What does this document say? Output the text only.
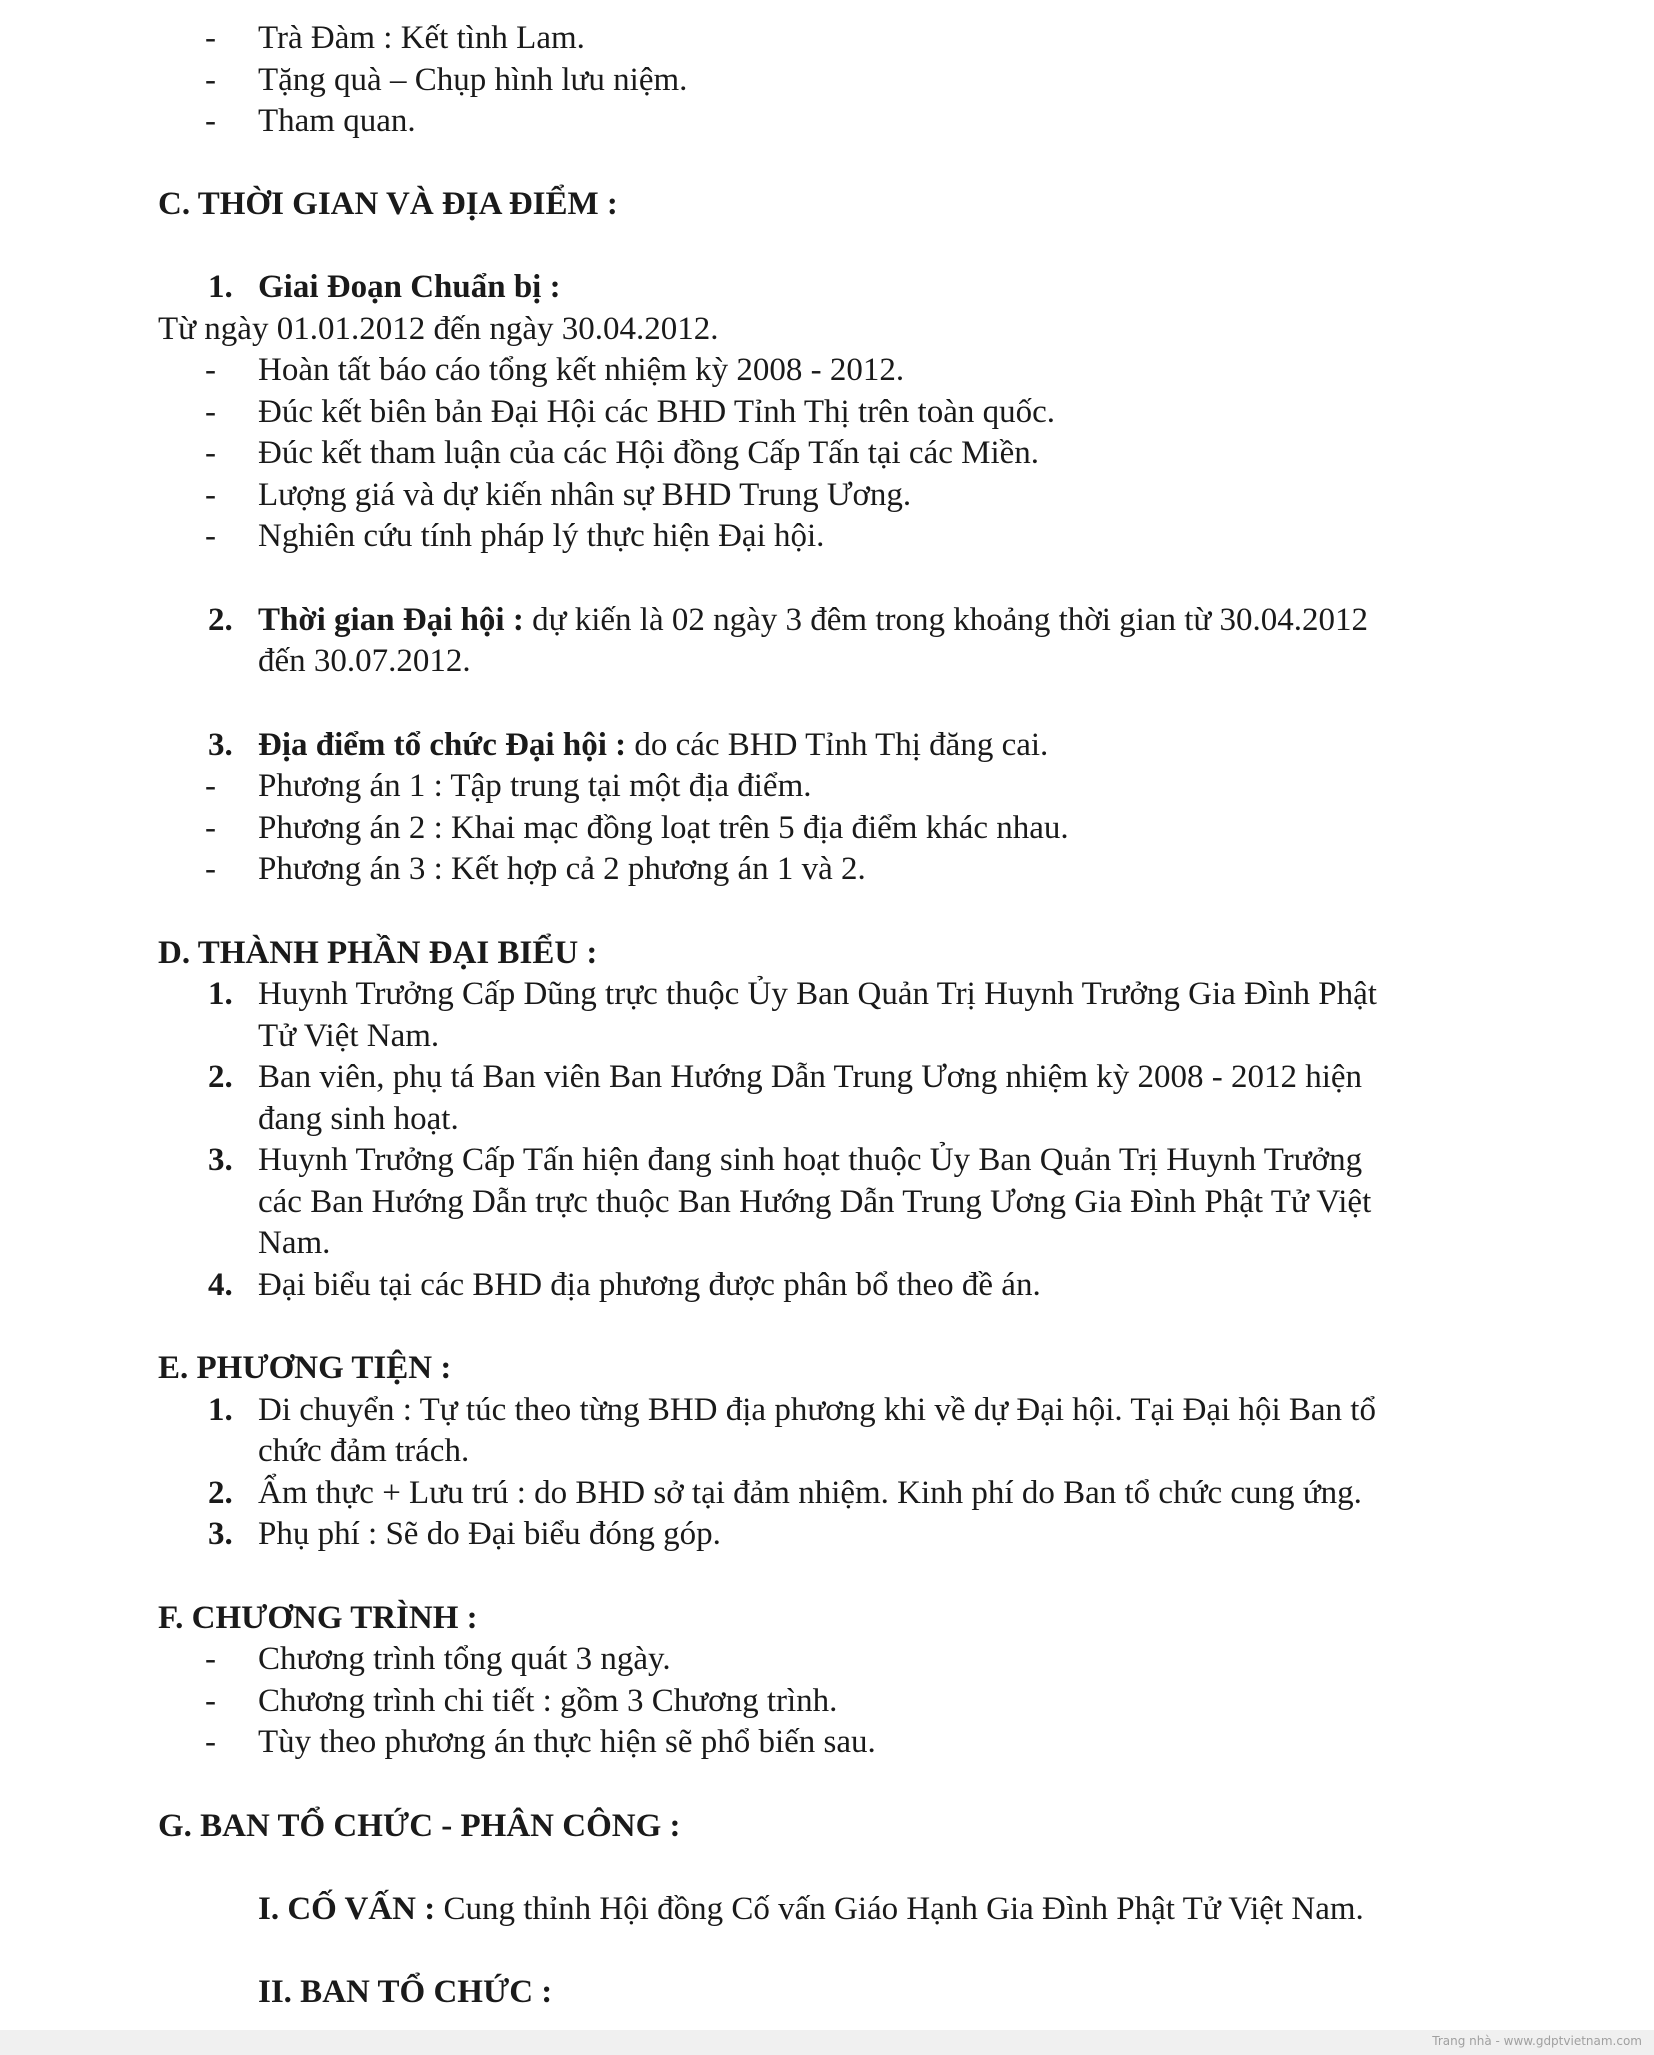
-	Trà Đàm : Kết tình Lam.
-	Tặng quà – Chụp hình lưu niệm.
-	Tham quan.
C. THỜI GIAN VÀ ĐỊA ĐIỂM :
1. Giai Đoạn Chuẩn bị :
Từ ngày 01.01.2012 đến ngày 30.04.2012.
-	Hoàn tất báo cáo tổng kết nhiệm kỳ 2008 - 2012.
-	Đúc kết biên bản Đại Hội các BHD Tỉnh Thị trên toàn quốc.
-	Đúc kết tham luận của các Hội đồng Cấp Tấn tại các Miền.
-	Lượng giá và dự kiến nhân sự BHD Trung Ương.
-	Nghiên cứu tính pháp lý thực hiện Đại hội.
2. Thời gian Đại hội : dự kiến là 02 ngày 3 đêm trong khoảng thời gian từ 30.04.2012
đến 30.07.2012.
3. Địa điểm tổ chức Đại hội : do các BHD Tỉnh Thị đăng cai.
-	Phương án 1 : Tập trung tại một địa điểm.
-	Phương án 2 : Khai mạc đồng loạt trên 5 địa điểm khác nhau.
-	Phương án 3 : Kết hợp cả 2 phương án 1 và 2.
D. THÀNH PHẦN ĐẠI BIỂU :
1. Huynh Trưởng Cấp Dũng trực thuộc Ủy Ban Quản Trị Huynh Trưởng Gia Đình Phật
Tử Việt Nam.
2. Ban viên, phụ tá Ban viên Ban Hướng Dẫn Trung Ương nhiệm kỳ 2008 - 2012 hiện
đang sinh hoạt.
3. Huynh Trưởng Cấp Tấn hiện đang sinh hoạt thuộc Ủy Ban Quản Trị Huynh Trưởng
các Ban Hướng Dẫn trực thuộc Ban Hướng Dẫn Trung Ương Gia Đình Phật Tử Việt
Nam.
4. Đại biểu tại các BHD địa phương được phân bổ theo đề án.
E. PHƯƠNG TIỆN :
1. Di chuyển : Tự túc theo từng BHD địa phương khi về dự Đại hội. Tại Đại hội Ban tổ
chức đảm trách.
2. Ẩm thực + Lưu trú : do BHD sở tại đảm nhiệm. Kinh phí do Ban tổ chức cung ứng.
3. Phụ phí : Sẽ do Đại biểu đóng góp.
F. CHƯƠNG TRÌNH :
-	Chương trình tổng quát 3 ngày.
-	Chương trình chi tiết : gồm 3 Chương trình.
-	Tùy theo phương án thực hiện sẽ phổ biến sau.
G. BAN TỔ CHỨC - PHÂN CÔNG :
I. CỐ VẤN : Cung thỉnh Hội đồng Cố vấn Giáo Hạnh Gia Đình Phật Tử Việt Nam.
II. BAN TỔ CHỨC :
Trang nhà - www.gdptvietnam.com
